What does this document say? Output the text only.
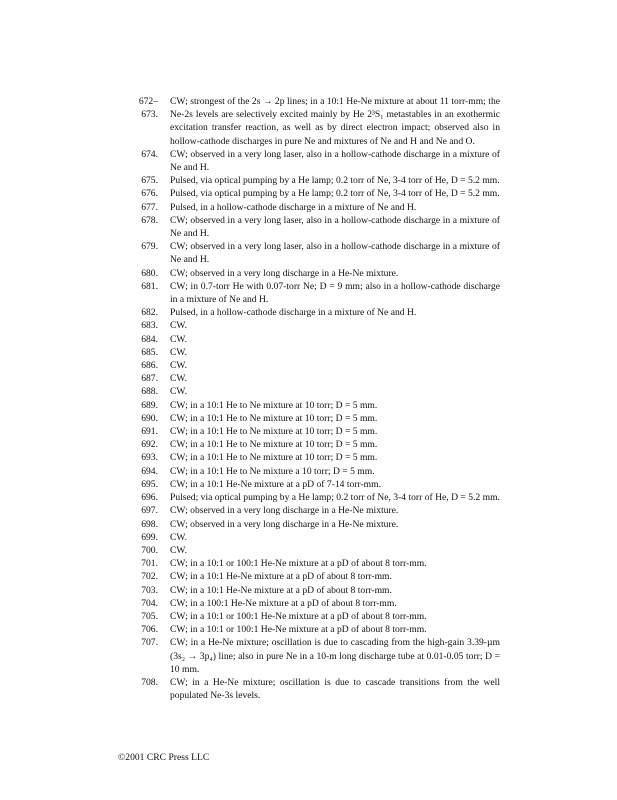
672–
673.
CW; strongest of the 2s → 2p lines; in a 10:1 He-Ne mixture at about 11 torr-mm; the Ne-2s levels are selectively excited mainly by He 2³S₁ metastables in an exothermic excitation transfer reaction, as well as by direct electron impact; observed also in hollow-cathode discharges in pure Ne and mixtures of Ne and H and Ne and O.
674. CW; observed in a very long laser, also in a hollow-cathode discharge in a mixture of Ne and H.
675. Pulsed, via optical pumping by a He lamp; 0.2 torr of Ne, 3-4 torr of He, D = 5.2 mm.
676. Pulsed, via optical pumping by a He lamp; 0.2 torr of Ne, 3-4 torr of He, D = 5.2 mm.
677. Pulsed, in a hollow-cathode discharge in a mixture of Ne and H.
678. CW; observed in a very long laser, also in a hollow-cathode discharge in a mixture of Ne and H.
679. CW; observed in a very long laser, also in a hollow-cathode discharge in a mixture of Ne and H.
680. CW; observed in a very long discharge in a He-Ne mixture.
681. CW; in 0.7-torr He with 0.07-torr Ne; D = 9 mm; also in a hollow-cathode discharge in a mixture of Ne and H.
682. Pulsed, in a hollow-cathode discharge in a mixture of Ne and H.
683. CW.
684. CW.
685. CW.
686. CW.
687. CW.
688. CW.
689. CW; in a 10:1 He to Ne mixture at 10 torr; D = 5 mm.
690. CW; in a 10:1 He to Ne mixture at 10 torr; D = 5 mm.
691. CW; in a 10:1 He to Ne mixture at 10 torr; D = 5 mm.
692. CW; in a 10:1 He to Ne mixture at 10 torr; D = 5 mm.
693. CW; in a 10:1 He to Ne mixture at 10 torr; D = 5 mm.
694. CW; in a 10:1 He to Ne mixture a 10 torr; D = 5 mm.
695. CW; in a 10:1 He-Ne mixture at a pD of 7-14 torr-mm.
696. Pulsed; via optical pumping by a He lamp; 0.2 torr of Ne, 3-4 torr of He, D = 5.2 mm.
697. CW; observed in a very long discharge in a He-Ne mixture.
698. CW; observed in a very long discharge in a He-Ne mixture.
699. CW.
700. CW.
701. CW; in a 10:1 or 100:1 He-Ne mixture at a pD of about 8 torr-mm.
702. CW; in a 10:1 He-Ne mixture at a pD of about 8 torr-mm.
703. CW; in a 10:1 He-Ne mixture at a pD of about 8 torr-mm.
704. CW; in a 100:1 He-Ne mixture at a pD of about 8 torr-mm.
705. CW; in a 10:1 or 100:1 He-Ne mixture at a pD of about 8 torr-mm.
706. CW; in a 10:1 or 100:1 He-Ne mixture at a pD of about 8 torr-mm.
707. CW; in a He-Ne mixture; oscillation is due to cascading from the high-gain 3.39-µm (3s₂ → 3p₄) line; also in pure Ne in a 10-m long discharge tube at 0.01-0.05 torr; D = 10 mm.
708. CW; in a He-Ne mixture; oscillation is due to cascade transitions from the well populated Ne-3s levels.
©2001 CRC Press LLC
